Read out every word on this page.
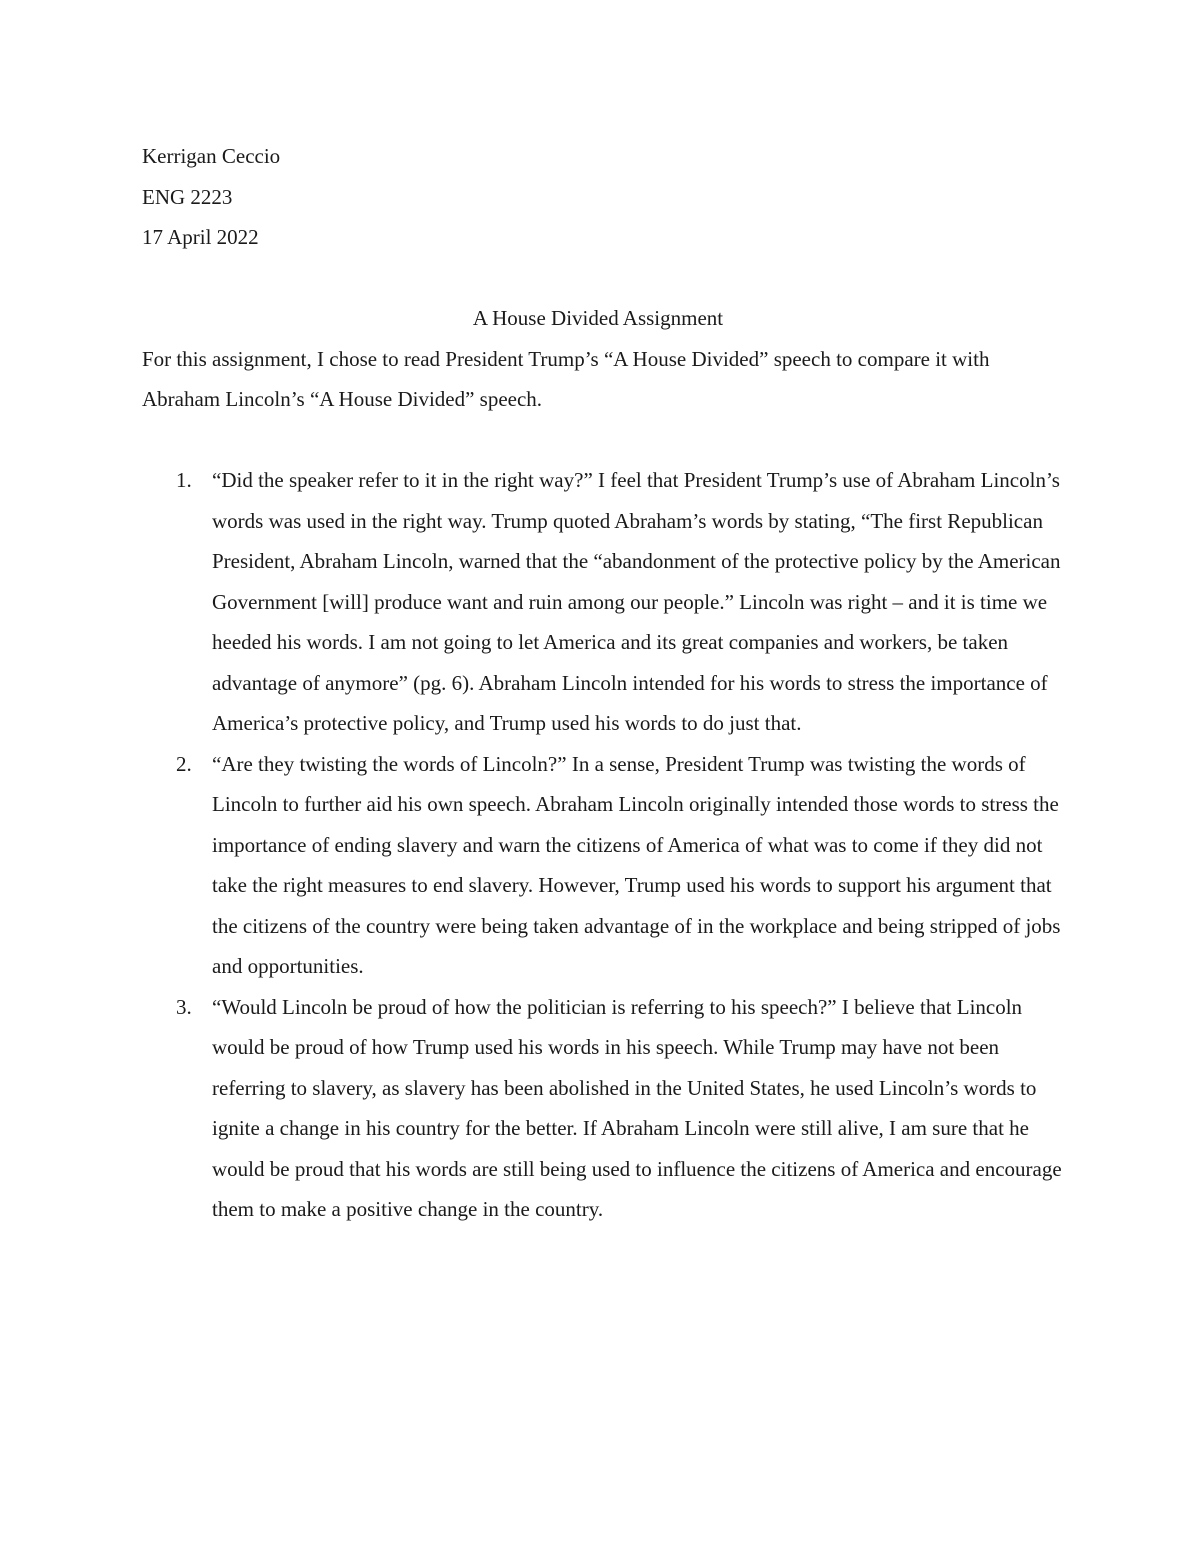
Kerrigan Ceccio

ENG 2223

17 April 2022

A House Divided Assignment

For this assignment, I chose to read President Trump’s “A House Divided” speech to compare it with Abraham Lincoln’s “A House Divided” speech.

1. “Did the speaker refer to it in the right way?” I feel that President Trump’s use of Abraham Lincoln’s words was used in the right way. Trump quoted Abraham’s words by stating, “The first Republican President, Abraham Lincoln, warned that the “abandonment of the protective policy by the American Government [will] produce want and ruin among our people.” Lincoln was right – and it is time we heeded his words. I am not going to let America and its great companies and workers, be taken advantage of anymore” (pg. 6). Abraham Lincoln intended for his words to stress the importance of America’s protective policy, and Trump used his words to do just that.
2. “Are they twisting the words of Lincoln?” In a sense, President Trump was twisting the words of Lincoln to further aid his own speech. Abraham Lincoln originally intended those words to stress the importance of ending slavery and warn the citizens of America of what was to come if they did not take the right measures to end slavery. However, Trump used his words to support his argument that the citizens of the country were being taken advantage of in the workplace and being stripped of jobs and opportunities.
3. “Would Lincoln be proud of how the politician is referring to his speech?” I believe that Lincoln would be proud of how Trump used his words in his speech. While Trump may have not been referring to slavery, as slavery has been abolished in the United States, he used Lincoln’s words to ignite a change in his country for the better. If Abraham Lincoln were still alive, I am sure that he would be proud that his words are still being used to influence the citizens of America and encourage them to make a positive change in the country.
